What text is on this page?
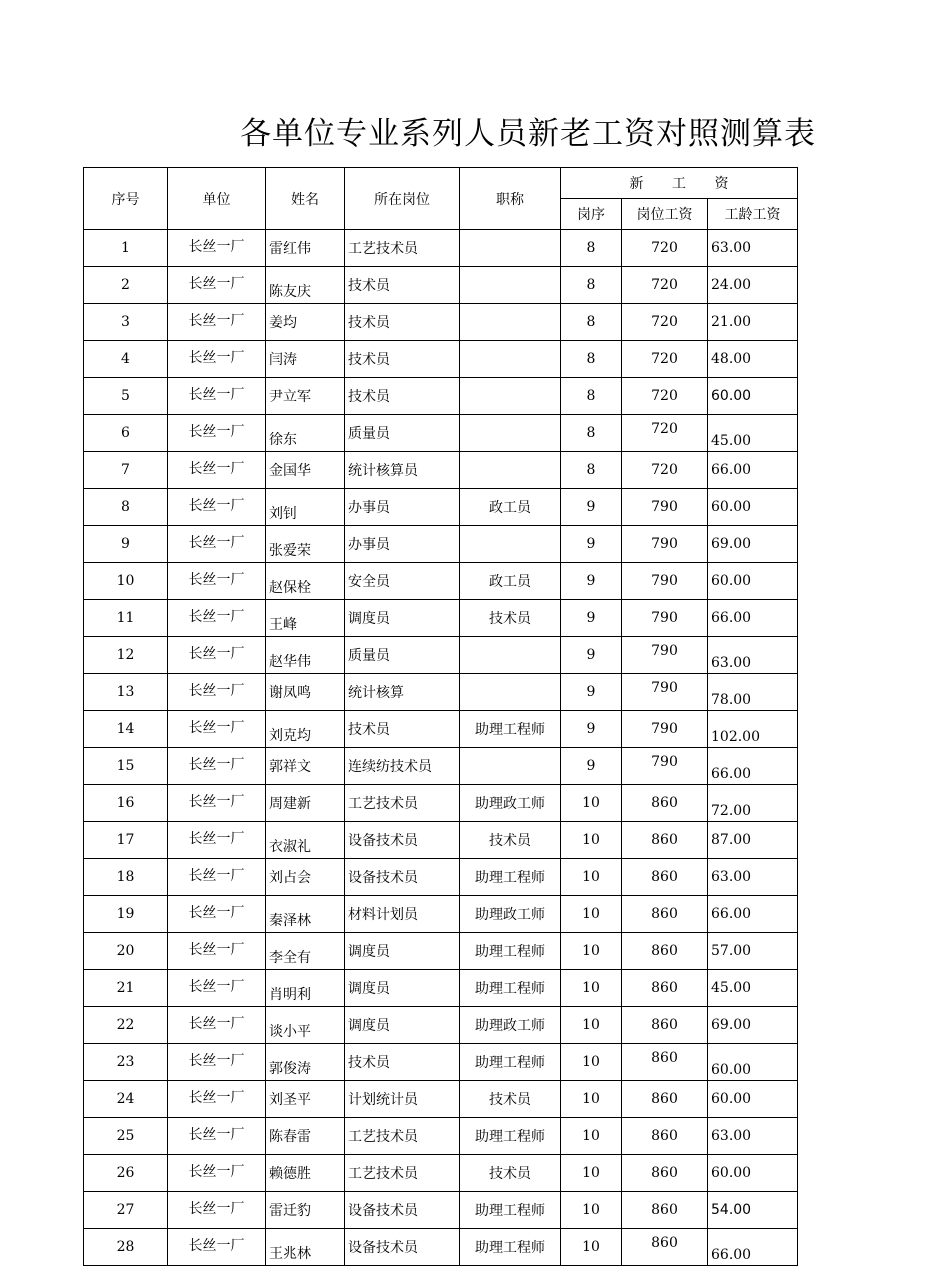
各单位专业系列人员新老工资对照测算表
序号	单位	姓名	所在岗位	职称	新 工 资		
					岗序	岗位工资	工龄工资
1	长丝一厂	雷红伟	工艺技术员		8	720	63.00
2	长丝一厂	陈友庆	技术员		8	720	24.00
3	长丝一厂	姜均	技术员		8	720	21.00
4	长丝一厂	闫涛	技术员		8	720	48.00
5	长丝一厂	尹立军	技术员		8	720	60.00
6	长丝一厂	徐东	质量员		8	720	45.00
7	长丝一厂	金国华	统计核算员		8	720	66.00
8	长丝一厂	刘钊	办事员	政工员	9	790	60.00
9	长丝一厂	张爱荣	办事员		9	790	69.00
10	长丝一厂	赵保栓	安全员	政工员	9	790	60.00
11	长丝一厂	王峰	调度员	技术员	9	790	66.00
12	长丝一厂	赵华伟	质量员		9	790	63.00
13	长丝一厂	谢凤鸣	统计核算		9	790	78.00
14	长丝一厂	刘克均	技术员	助理工程师	9	790	102.00
15	长丝一厂	郭祥文	连续纺技术员		9	790	66.00
16	长丝一厂	周建新	工艺技术员	助理政工师	10	860	72.00
17	长丝一厂	衣淑礼	设备技术员	技术员	10	860	87.00
18	长丝一厂	刘占会	设备技术员	助理工程师	10	860	63.00
19	长丝一厂	秦泽林	材料计划员	助理政工师	10	860	66.00
20	长丝一厂	李全有	调度员	助理工程师	10	860	57.00
21	长丝一厂	肖明利	调度员	助理工程师	10	860	45.00
22	长丝一厂	谈小平	调度员	助理政工师	10	860	69.00
23	长丝一厂	郭俊涛	技术员	助理工程师	10	860	60.00
24	长丝一厂	刘圣平	计划统计员	技术员	10	860	60.00
25	长丝一厂	陈春雷	工艺技术员	助理工程师	10	860	63.00
26	长丝一厂	赖德胜	工艺技术员	技术员	10	860	60.00
27	长丝一厂	雷迁豹	设备技术员	助理工程师	10	860	54.00
28	长丝一厂	王兆林	设备技术员	助理工程师	10	860	66.00
